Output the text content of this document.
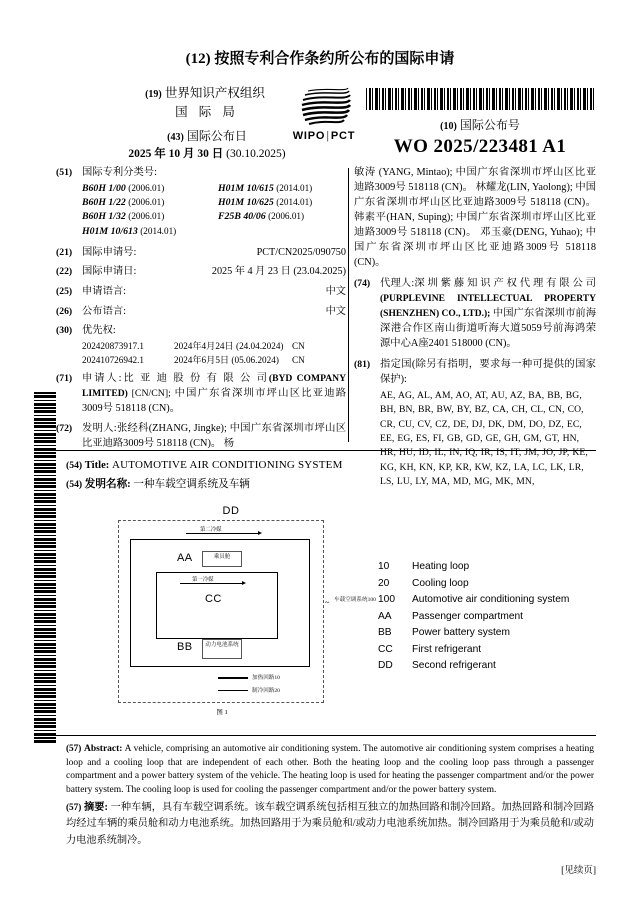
(12) 按照专利合作条约所公布的国际申请
(19) 世界知识产权组织
国 际 局
(43) 国际公布日
2025 年 10 月 30 日 (30.10.2025)
WIPO|PCT
(10) 国际公布号
WO 2025/223481 A1
(51) 国际专利分类号:
B60H 1/00 (2006.01)	H01M 10/615 (2014.01)
B60H 1/22 (2006.01)	H01M 10/625 (2014.01)
B60H 1/32 (2006.01)	F25B 40/06 (2006.01)
H01M 10/613 (2014.01)
(21) 国际申请号:	PCT/CN2025/090750
(22) 国际申请日:	2025 年 4 月 23 日 (23.04.2025)
(25) 申请语言:	中文
(26) 公布语言:	中文
(30) 优先权:
202420873917.1	2024年4月24日 (24.04.2024) CN
202410726942.1	2024年6月5日 (05.06.2024)	CN
(71) 申请人:比 亚 迪 股 份 有 限 公 司(BYD COMPANY LIMITED) [CN/CN]; 中国广东省深圳市坪山区比亚迪路3009号 518118 (CN)。
(72) 发明人:张经科(ZHANG, Jingke); 中国广东省深圳市坪山区比亚迪路3009号 518118 (CN)。 杨
敏涛 (YANG, Mintao); 中国广东省深圳市坪山区比亚迪路3009号 518118 (CN)。 林耀龙(LIN, Yaolong); 中国广东省深圳市坪山区比亚迪路3009号 518118 (CN)。 韩素平(HAN, Suping); 中国广东省深圳市坪山区比亚迪路3009号 518118 (CN)。 邓玉豪(DENG, Yuhao); 中国广东省深圳市坪山区比亚迪路3009号 518118 (CN)。
(74) 代理人:深 圳 紫 藤 知 识 产 权 代 理 有 限 公 司 (PURPLEVINE INTELLECTUAL PROPERTY (SHENZHEN) CO., LTD.); 中国广东省深圳市前海深港合作区南山街道听海大道5059号前海鸿荣源中心A座2401 518000 (CN)。
(81) 指定国(除另有指明，要求每一种可提供的国家保护):
AE, AG, AL, AM, AO, AT, AU, AZ, BA, BB, BG, BH, BN, BR, BW, BY, BZ, CA, CH, CL, CN, CO, CR, CU, CV, CZ, DE, DJ, DK, DM, DO, DZ, EC, EE, EG, ES, FI, GB, GD, GE, GH, GM, GT, HN, HR, HU, ID, IL, IN, IQ, IR, IS, IT, JM, JO, JP, KE, KG, KH, KN, KP, KR, KW, KZ, LA, LC, LK, LR, LS, LU, LY, MA, MD, MG, MK, MN,
(54) Title: AUTOMOTIVE AIR CONDITIONING SYSTEM
(54) 发明名称: 一种车载空调系统及车辆
DD
第二冷媒
第一冷媒
乘员舱
动力电池系统
AA
BB
CC	~ 车载空调系统100
加热回路10
制冷回路20
图 1
10	Heating loop
20	Cooling loop
100	Automotive air conditioning system
AA	Passenger compartment
BB	Power battery system
CC	First refrigerant
DD	Second refrigerant
(57) Abstract: A vehicle, comprising an automotive air conditioning system. The automotive air conditioning system comprises a heating loop and a cooling loop that are independent of each other. Both the heating loop and the cooling loop pass through a passenger compartment and a power battery system of the vehicle. The heating loop is used for heating the passenger compartment and/or the power battery system. The cooling loop is used for cooling the passenger compartment and/or the power battery system.
(57) 摘要: 一种车辆，具有车载空调系统。该车载空调系统包括相互独立的加热回路和制冷回路。加热回路和制冷回路均经过车辆的乘员舱和动力电池系统。加热回路用于为乘员舱和/或动力电池系统加热。制冷回路用于为乘员舱和/或动力电池系统制冷。
[见续页]
